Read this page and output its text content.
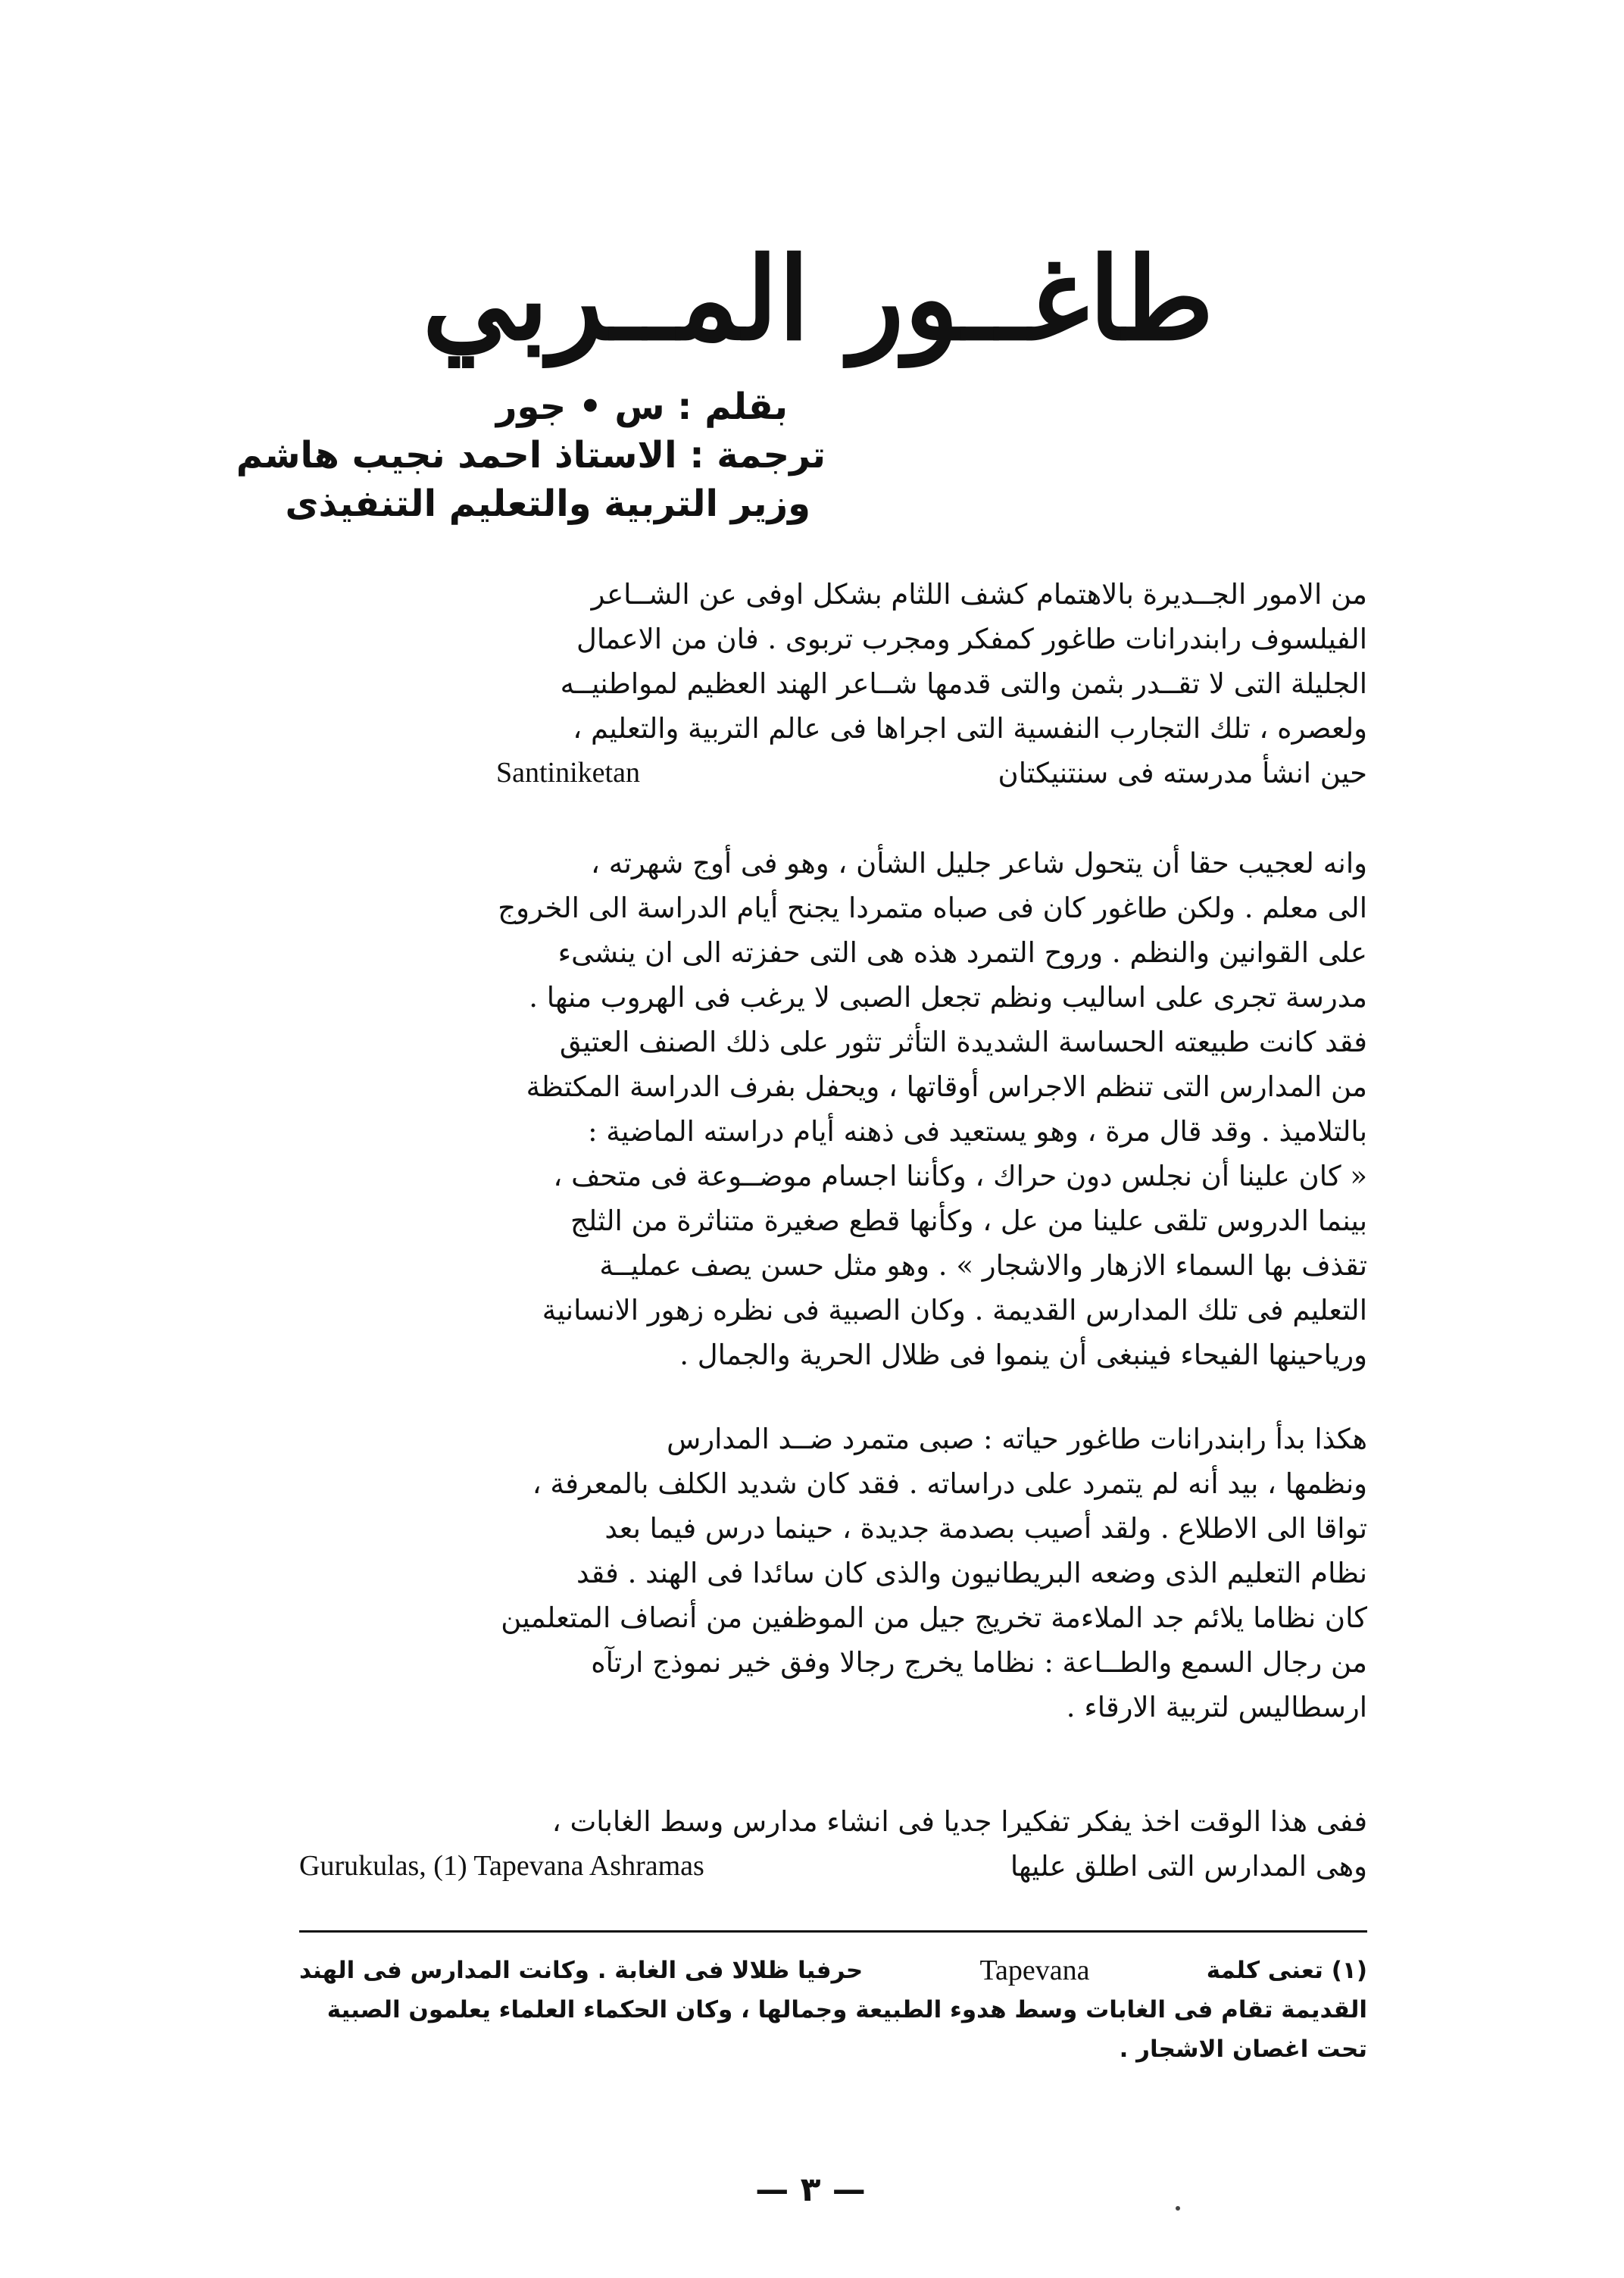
طاغــور المــربي
بقلم : س • جور
ترجمة : الاستاذ احمد نجيب هاشم
وزير التربية والتعليم التنفيذى
من الامور الجــديرة بالاهتمام كشف اللثام بشكل اوفى عن الشــاعر
الفيلسوف رابندرانات طاغور كمفكر ومجرب تربوى . فان من الاعمال
الجليلة التى لا تقــدر بثمن والتى قدمها شــاعر الهند العظيم لمواطنيــه
ولعصره ، تلك التجارب النفسية التى اجراها فى عالم التربية والتعليم ،
حين انشأ مدرسته فى سنتنيكتان
Santiniketan
وانه لعجيب حقا أن يتحول شاعر جليل الشأن ، وهو فى أوج شهرته ،
الى معلم . ولكن طاغور كان فى صباه متمردا يجنح أيام الدراسة الى الخروج
على القوانين والنظم . وروح التمرد هذه هى التى حفزته الى ان ينشىء
مدرسة تجرى على اساليب ونظم تجعل الصبى لا يرغب فى الهروب منها .
فقد كانت طبيعته الحساسة الشديدة التأثر تثور على ذلك الصنف العتيق
من المدارس التى تنظم الاجراس أوقاتها ، ويحفل بفرف الدراسة المكتظة
بالتلاميذ . وقد قال مرة ، وهو يستعيد فى ذهنه أيام دراسته الماضية :
« كان علينا أن نجلس دون حراك ، وكأننا اجسام موضــوعة فى متحف ،
بينما الدروس تلقى علينا من عل ، وكأنها قطع صغيرة متناثرة من الثلج
تقذف بها السماء الازهار والاشجار » . وهو مثل حسن يصف عمليــة
التعليم فى تلك المدارس القديمة . وكان الصبية فى نظره زهور الانسانية
ورياحينها الفيحاء فينبغى أن ينموا فى ظلال الحرية والجمال .
هكذا بدأ رابندرانات طاغور حياته : صبى متمرد ضــد المدارس
ونظمها ، بيد أنه لم يتمرد على دراساته . فقد كان شديد الكلف بالمعرفة ،
تواقا الى الاطلاع . ولقد أصيب بصدمة جديدة ، حينما درس فيما بعد
نظام التعليم الذى وضعه البريطانيون والذى كان سائدا فى الهند . فقد
كان نظاما يلائم جد الملاءمة تخريج جيل من الموظفين من أنصاف المتعلمين
من رجال السمع والطــاعة : نظاما يخرج رجالا وفق خير نموذج ارتآه
ارسطاليس لتربية الارقاء .
ففى هذا الوقت اخذ يفكر تفكيرا جديا فى انشاء مدارس وسط الغابات ،
وهى المدارس التى اطلق عليها
Gurukulas, (1) Tapevana Ashramas
(١) تعنى كلمة
Tapevana
حرفيا ظلالا فى الغابة . وكانت المدارس فى الهند
القديمة تقام فى الغابات وسط هدوء الطبيعة وجمالها ، وكان الحكماء العلماء يعلمون الصبية
تحت اغصان الاشجار .
— ٣ —
